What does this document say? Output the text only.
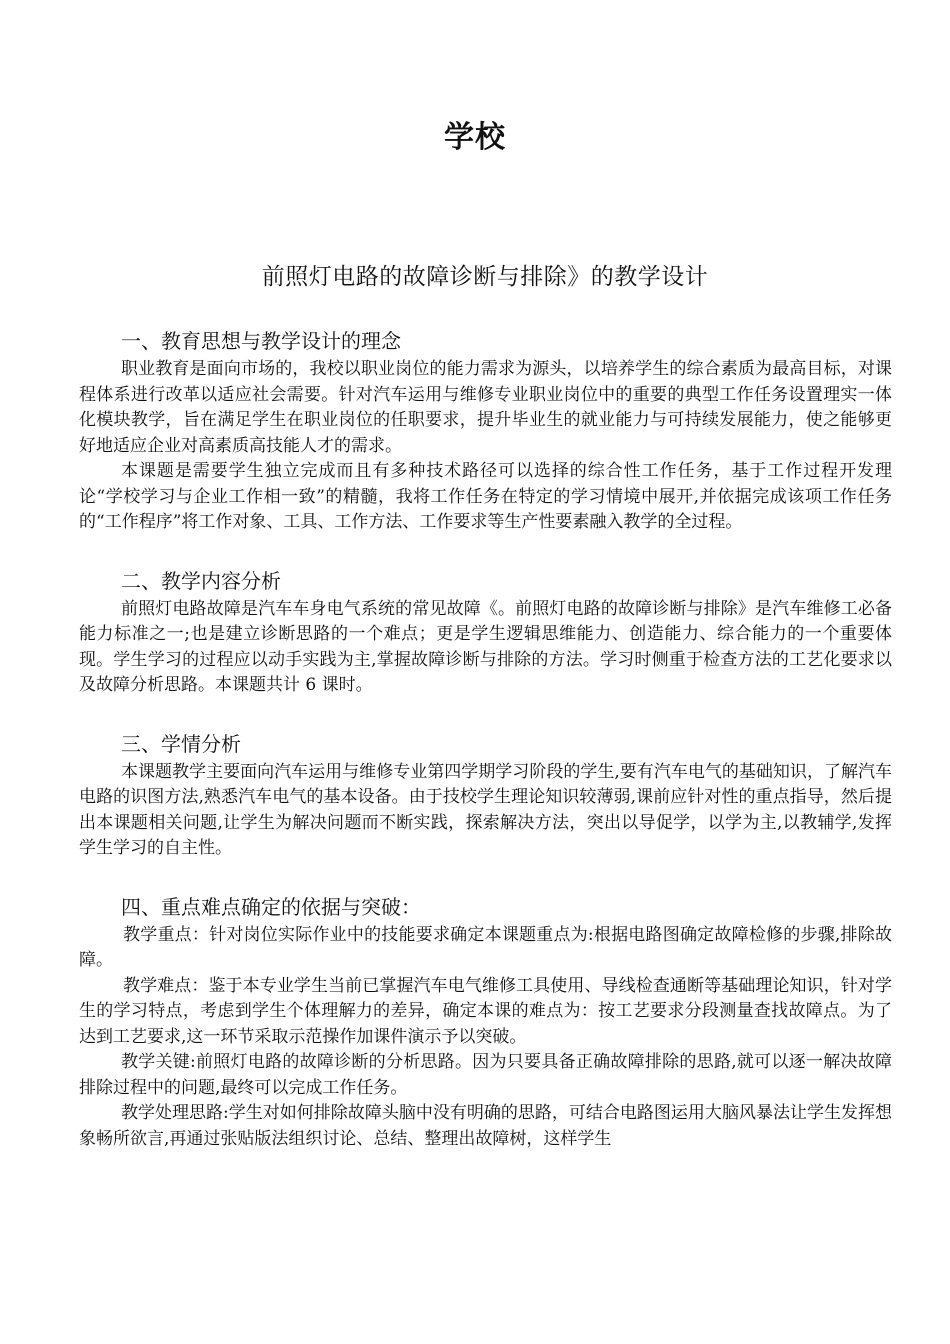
学校
前照灯电路的故障诊断与排除》的教学设计
一、教育思想与教学设计的理念

职业教育是面向市场的，我校以职业岗位的能力需求为源头，以培养学生的综合素质为最高目标，对课程体系进行改革以适应社会需要。针对汽车运用与维修专业职业岗位中的重要的典型工作任务设置理实一体化模块教学，旨在满足学生在职业岗位的任职要求，提升毕业生的就业能力与可持续发展能力，使之能够更好地适应企业对高素质高技能人才的需求。

本课题是需要学生独立完成而且有多种技术路径可以选择的综合性工作任务，基于工作过程开发理论“学校学习与企业工作相一致”的精髓，我将工作任务在特定的学习情境中展开,并依据完成该项工作任务的“工作程序”将工作对象、工具、工作方法、工作要求等生产性要素融入教学的全过程。

二、教学内容分析

前照灯电路故障是汽车车身电气系统的常见故障《。前照灯电路的故障诊断与排除》是汽车维修工必备能力标准之一;也是建立诊断思路的一个难点；更是学生逻辑思维能力、创造能力、综合能力的一个重要体现。学生学习的过程应以动手实践为主,掌握故障诊断与排除的方法。学习时侧重于检查方法的工艺化要求以及故障分析思路。本课题共计 6 课时。

三、学情分析

本课题教学主要面向汽车运用与维修专业第四学期学习阶段的学生,要有汽车电气的基础知识，了解汽车电路的识图方法,熟悉汽车电气的基本设备。由于技校学生理论知识较薄弱,课前应针对性的重点指导，然后提出本课题相关问题,让学生为解决问题而不断实践，探索解决方法，突出以导促学，以学为主,以教辅学,发挥学生学习的自主性。

四、重点难点确定的依据与突破：

教学重点：针对岗位实际作业中的技能要求确定本课题重点为:根据电路图确定故障检修的步骤,排除故障。

教学难点：鉴于本专业学生当前已掌握汽车电气维修工具使用、导线检查通断等基础理论知识，针对学生的学习特点，考虑到学生个体理解力的差异，确定本课的难点为：按工艺要求分段测量查找故障点。为了达到工艺要求,这一环节采取示范操作加课件演示予以突破。

教学关键:前照灯电路的故障诊断的分析思路。因为只要具备正确故障排除的思路,就可以逐一解决故障排除过程中的问题,最终可以完成工作任务。

教学处理思路:学生对如何排除故障头脑中没有明确的思路，可结合电路图运用大脑风暴法让学生发挥想象畅所欲言,再通过张贴版法组织讨论、总结、整理出故障树，这样学生
